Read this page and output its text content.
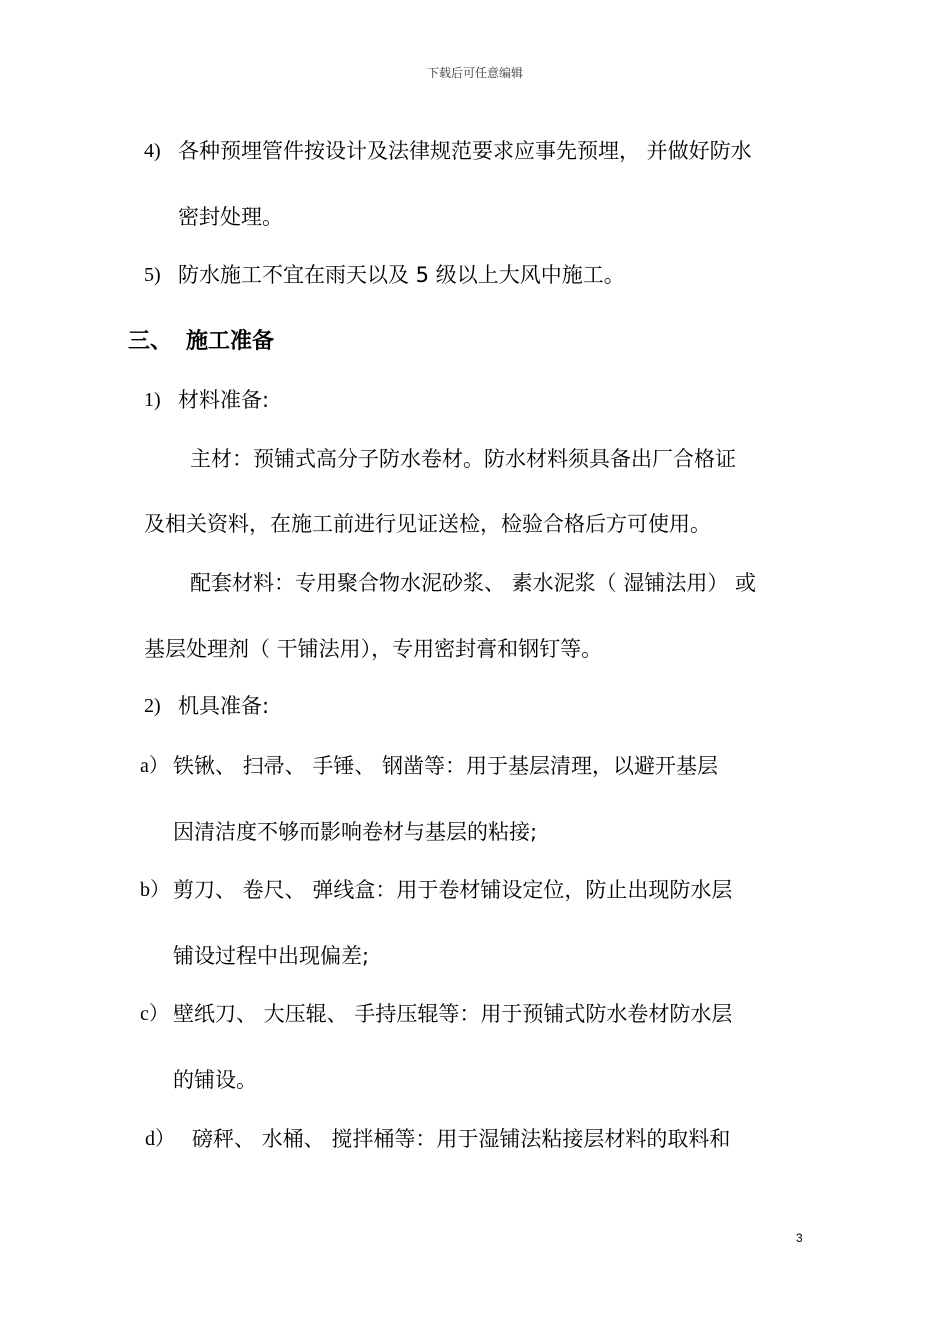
下载后可任意编辑
4) 各种预埋管件按设计及法律规范要求应事先预埋， 并做好防水
密封处理。
5) 防水施工不宜在雨天以及 5 级以上大风中施工。
三、 施工准备
1) 材料准备:
主材：预铺式高分子防水卷材。防水材料须具备出厂合格证
及相关资料，在施工前进行见证送检，检验合格后方可使用。
配套材料：专用聚合物水泥砂浆、 素水泥浆（ 湿铺法用） 或
基层处理剂（ 干铺法用），专用密封膏和钢钉等。
2) 机具准备:
a） 铁锹、 扫帚、 手锤、 钢凿等：用于基层清理，以避开基层
因清洁度不够而影响卷材与基层的粘接;
b） 剪刀、 卷尺、 弹线盒：用于卷材铺设定位，防止出现防水层
铺设过程中出现偏差;
c） 壁纸刀、 大压辊、 手持压辊等：用于预铺式防水卷材防水层
的铺设。
d） 磅秤、 水桶、 搅拌桶等：用于湿铺法粘接层材料的取料和
3
